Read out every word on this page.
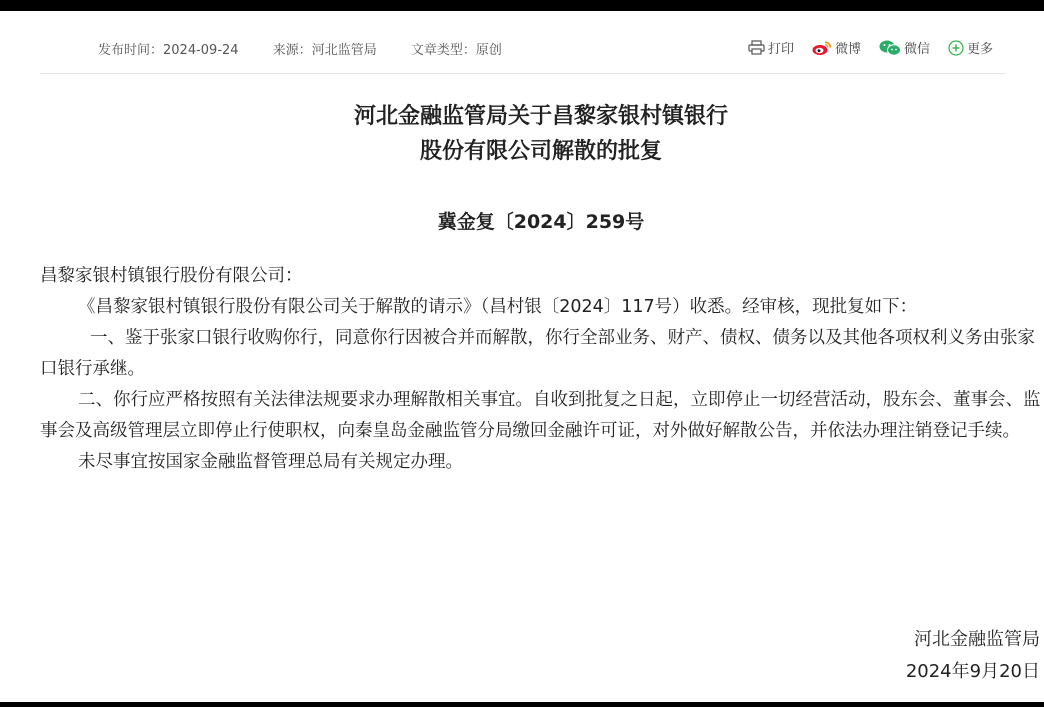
发布时间：2024-09-24	来源：河北监管局	文章类型：原创	打印	微博	微信	更多
河北金融监管局关于昌黎家银村镇银行
股份有限公司解散的批复
冀金复〔2024〕259号

昌黎家银村镇银行股份有限公司：

《昌黎家银村镇银行股份有限公司关于解散的请示》（昌村银〔2024〕117号）收悉。经审核，现批复如下：

一、鉴于张家口银行收购你行，同意你行因被合并而解散，你行全部业务、财产、债权、债务以及其他各项权利义务由张家口银行承继。

二、你行应严格按照有关法律法规要求办理解散相关事宜。自收到批复之日起，立即停止一切经营活动，股东会、董事会、监事会及高级管理层立即停止行使职权，向秦皇岛金融监管分局缴回金融许可证，对外做好解散公告，并依法办理注销登记手续。

未尽事宜按国家金融监督管理总局有关规定办理。

河北金融监管局
2024年9月20日
